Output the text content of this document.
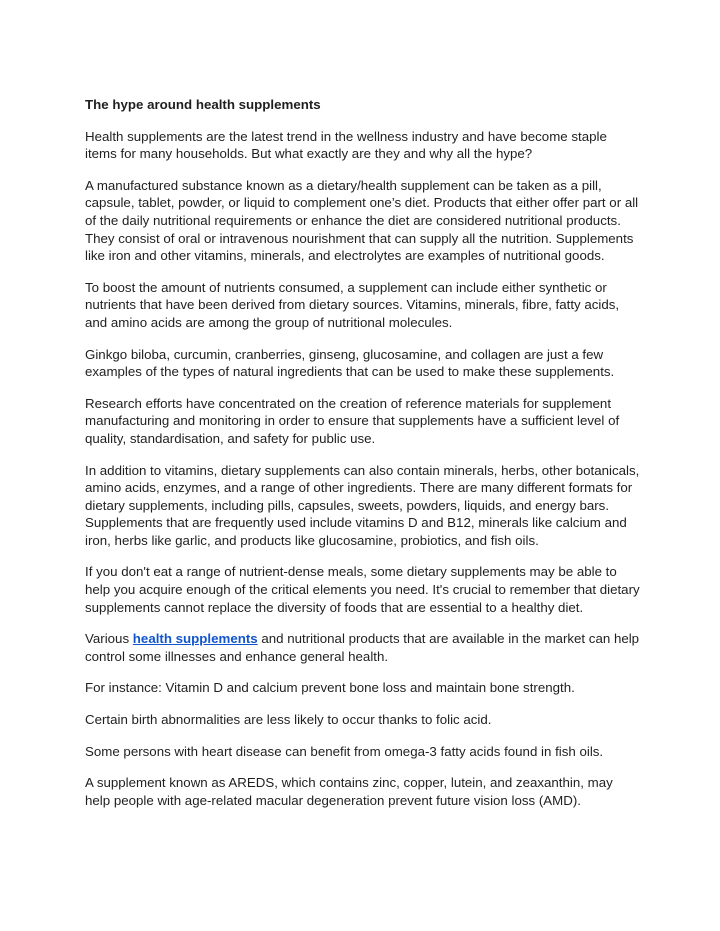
The hype around health supplements

Health supplements are the latest trend in the wellness industry and have become staple items for many households. But what exactly are they and why all the hype?

A manufactured substance known as a dietary/health supplement can be taken as a pill, capsule, tablet, powder, or liquid to complement one’s diet. Products that either offer part or all of the daily nutritional requirements or enhance the diet are considered nutritional products. They consist of oral or intravenous nourishment that can supply all the nutrition. Supplements like iron and other vitamins, minerals, and electrolytes are examples of nutritional goods.

To boost the amount of nutrients consumed, a supplement can include either synthetic or nutrients that have been derived from dietary sources. Vitamins, minerals, fibre, fatty acids, and amino acids are among the group of nutritional molecules.

Ginkgo biloba, curcumin, cranberries, ginseng, glucosamine, and collagen are just a few examples of the types of natural ingredients that can be used to make these supplements.

Research efforts have concentrated on the creation of reference materials for supplement manufacturing and monitoring in order to ensure that supplements have a sufficient level of quality, standardisation, and safety for public use.

In addition to vitamins, dietary supplements can also contain minerals, herbs, other botanicals, amino acids, enzymes, and a range of other ingredients. There are many different formats for dietary supplements, including pills, capsules, sweets, powders, liquids, and energy bars. Supplements that are frequently used include vitamins D and B12, minerals like calcium and iron, herbs like garlic, and products like glucosamine, probiotics, and fish oils.

If you don't eat a range of nutrient-dense meals, some dietary supplements may be able to help you acquire enough of the critical elements you need. It's crucial to remember that dietary supplements cannot replace the diversity of foods that are essential to a healthy diet.

Various health supplements and nutritional products that are available in the market can help control some illnesses and enhance general health.

For instance: Vitamin D and calcium prevent bone loss and maintain bone strength.

Certain birth abnormalities are less likely to occur thanks to folic acid.

Some persons with heart disease can benefit from omega-3 fatty acids found in fish oils.

A supplement known as AREDS, which contains zinc, copper, lutein, and zeaxanthin, may help people with age-related macular degeneration prevent future vision loss (AMD).
